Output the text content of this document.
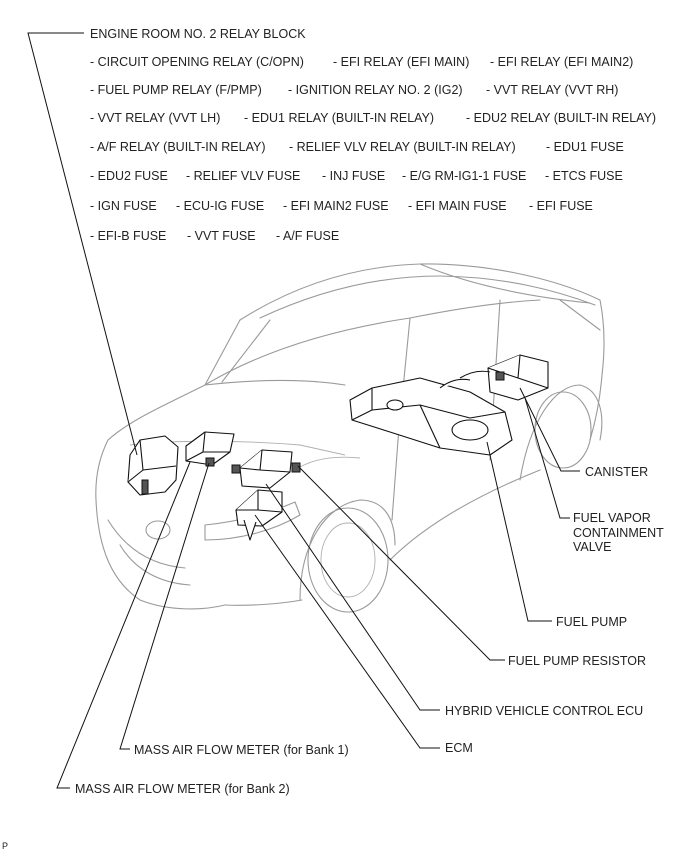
ENGINE ROOM NO. 2 RELAY BLOCK
- CIRCUIT OPENING RELAY (C/OPN) - EFI RELAY (EFI MAIN) - EFI RELAY (EFI MAIN2)
- FUEL PUMP RELAY (F/PMP) - IGNITION RELAY NO. 2 (IG2) - VVT RELAY (VVT RH)
- VVT RELAY (VVT LH) - EDU1 RELAY (BUILT-IN RELAY)	- EDU2 RELAY (BUILT-IN RELAY)
- A/F RELAY (BUILT-IN RELAY) - RELIEF VLV RELAY (BUILT-IN RELAY) - EDU1 FUSE
- EDU2 FUSE - RELIEF VLV FUSE - INJ FUSE - E/G RM-IG1-1 FUSE - ETCS FUSE
- IGN FUSE - ECU-IG FUSE - EFI MAIN2 FUSE - EFI MAIN FUSE - EFI FUSE
- EFI-B FUSE - VVT FUSE - A/F FUSE
CANISTER
FUEL VAPOR
CONTAINMENT
VALVE
FUEL PUMP
FUEL PUMP RESISTOR
HYBRID VEHICLE CONTROL ECU
ECM
MASS AIR FLOW METER (for Bank 1)
MASS AIR FLOW METER (for Bank 2)
P
